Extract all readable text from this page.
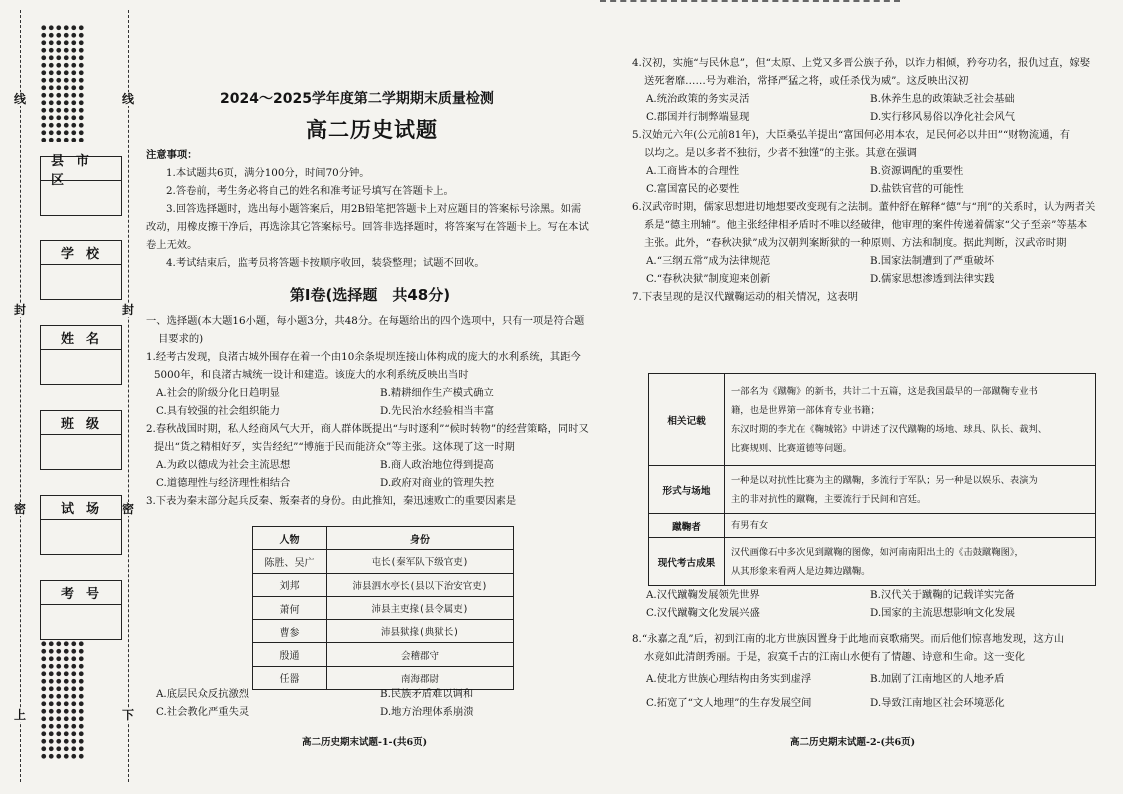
线	线
封	封
密	密
上	下
县市区
学校
姓名
班级
试场
考号
2024～2025学年度第二学期期末质量检测
高二历史试题

注意事项：

1.本试题共6页，满分100分，时间70分钟。

2.答卷前，考生务必将自己的姓名和准考证号填写在答题卡上。

3.回答选择题时，选出每小题答案后，用2B铅笔把答题卡上对应题目的答案标号涂黑。如需

改动，用橡皮擦干净后，再选涂其它答案标号。回答非选择题时，将答案写在答题卡上。写在本试

卷上无效。

4.考试结束后，监考员将答题卡按顺序收回，装袋整理；试题不回收。

第Ⅰ卷(选择题　共48分)

一、选择题(本大题16小题，每小题3分，共48分。在每题给出的四个选项中，只有一项是符合题

目要求的)

1.经考古发现，良渚古城外围存在着一个由10余条堤坝连接山体构成的庞大的水利系统，其距今

5000年，和良渚古城统一设计和建造。该庞大的水利系统反映出当时

A.社会的阶级分化日趋明显	B.精耕细作生产模式确立
C.具有较强的社会组织能力	D.先民治水经验相当丰富

2.春秋战国时期，私人经商风气大开，商人群体既提出“与时逐利”“候时转物”的经营策略，同时又

提出“货之精相好歹，实告经纪”“博施于民而能济众”等主张。这体现了这一时期

A.为政以德成为社会主流思想	B.商人政治地位得到提高
C.道德理性与经济理性相结合	D.政府对商业的管理失控

3.下表为秦末部分起兵反秦、叛秦者的身份。由此推知，秦迅速败亡的重要因素是

人物	身份
陈胜、吴广	屯长(秦军队下级官吏)
刘邦	沛县泗水亭长(县以下治安官吏)
萧何	沛县主吏掾(县令属吏)
曹参	沛县狱掾(典狱长)
殷通	会稽郡守
任嚣	南海郡尉
A.底层民众反抗激烈	B.民族矛盾难以调和
C.社会教化严重失灵	D.地方治理体系崩溃
高二历史期末试题-1-(共6页)

4.汉初，实施“与民休息”，但“太原、上党又多晋公族子孙，以诈力相倾，矜夸功名，报仇过直，嫁娶

送死奢靡……号为难治，常择严猛之将，或任杀伐为威”。这反映出汉初

A.统治政策的务实灵活	B.休养生息的政策缺乏社会基础
C.郡国并行制弊端显现	D.实行移风易俗以净化社会风气

5.汉始元六年(公元前81年)，大臣桑弘羊提出“富国何必用本农，足民何必以井田”“财物流通，有

以均之。是以多者不独衍，少者不独馑”的主张。其意在强调

A.工商皆本的合理性	B.资源调配的重要性
C.富国富民的必要性	D.盐铁官营的可能性

6.汉武帝时期，儒家思想进切地想要改变现有之法制。董仲舒在解释“德”与“刑”的关系时，认为两者关

系是“德主刑辅”。他主张经律相矛盾时不唯以经破律，他审理的案件传递着儒家“父子至亲”等基本

主张。此外，“春秋决狱”成为汉朝判案断狱的一种原则、方法和制度。据此判断，汉武帝时期

A.“三纲五常”成为法律规范	B.国家法制遭到了严重破坏
C.“春秋决狱”制度迎来创新	D.儒家思想渗透到法律实践

7.下表呈现的是汉代蹴鞠运动的相关情况，这表明

相关记载	一部名为《蹴鞠》的新书，共计二十五篇，这是我国最早的一部蹴鞠专业书
籍，也是世界第一部体育专业书籍；
东汉时期的李尤在《鞠城铭》中讲述了汉代蹴鞠的场地、球具、队长、裁判、
比赛规则、比赛道德等问题。

形式与场地	一种是以对抗性比赛为主的蹴鞠，多流行于军队；另一种是以娱乐、表演为
主的非对抗性的蹴鞠，主要流行于民间和宫廷。

蹴鞠者	有男有女

现代考古成果	汉代画像石中多次见到蹴鞠的图像，如河南南阳出土的《击鼓蹴鞠图》，
从其形象来看两人是边舞边蹴鞠。
A.汉代蹴鞠发展领先世界	B.汉代关于蹴鞠的记载详实完备
C.汉代蹴鞠文化发展兴盛	D.国家的主流思想影响文化发展

8.“永嘉之乱”后，初到江南的北方世族因置身于此地而哀歌痛哭。而后他们惊喜地发现，这方山

水竟如此清朗秀丽。于是，寂寞千古的江南山水便有了情趣、诗意和生命。这一变化

A.使北方世族心理结构由务实到虚浮	B.加剧了江南地区的人地矛盾
C.拓宽了“文人地理”的生存发展空间	D.导致江南地区社会环境恶化
高二历史期末试题-2-(共6页)
